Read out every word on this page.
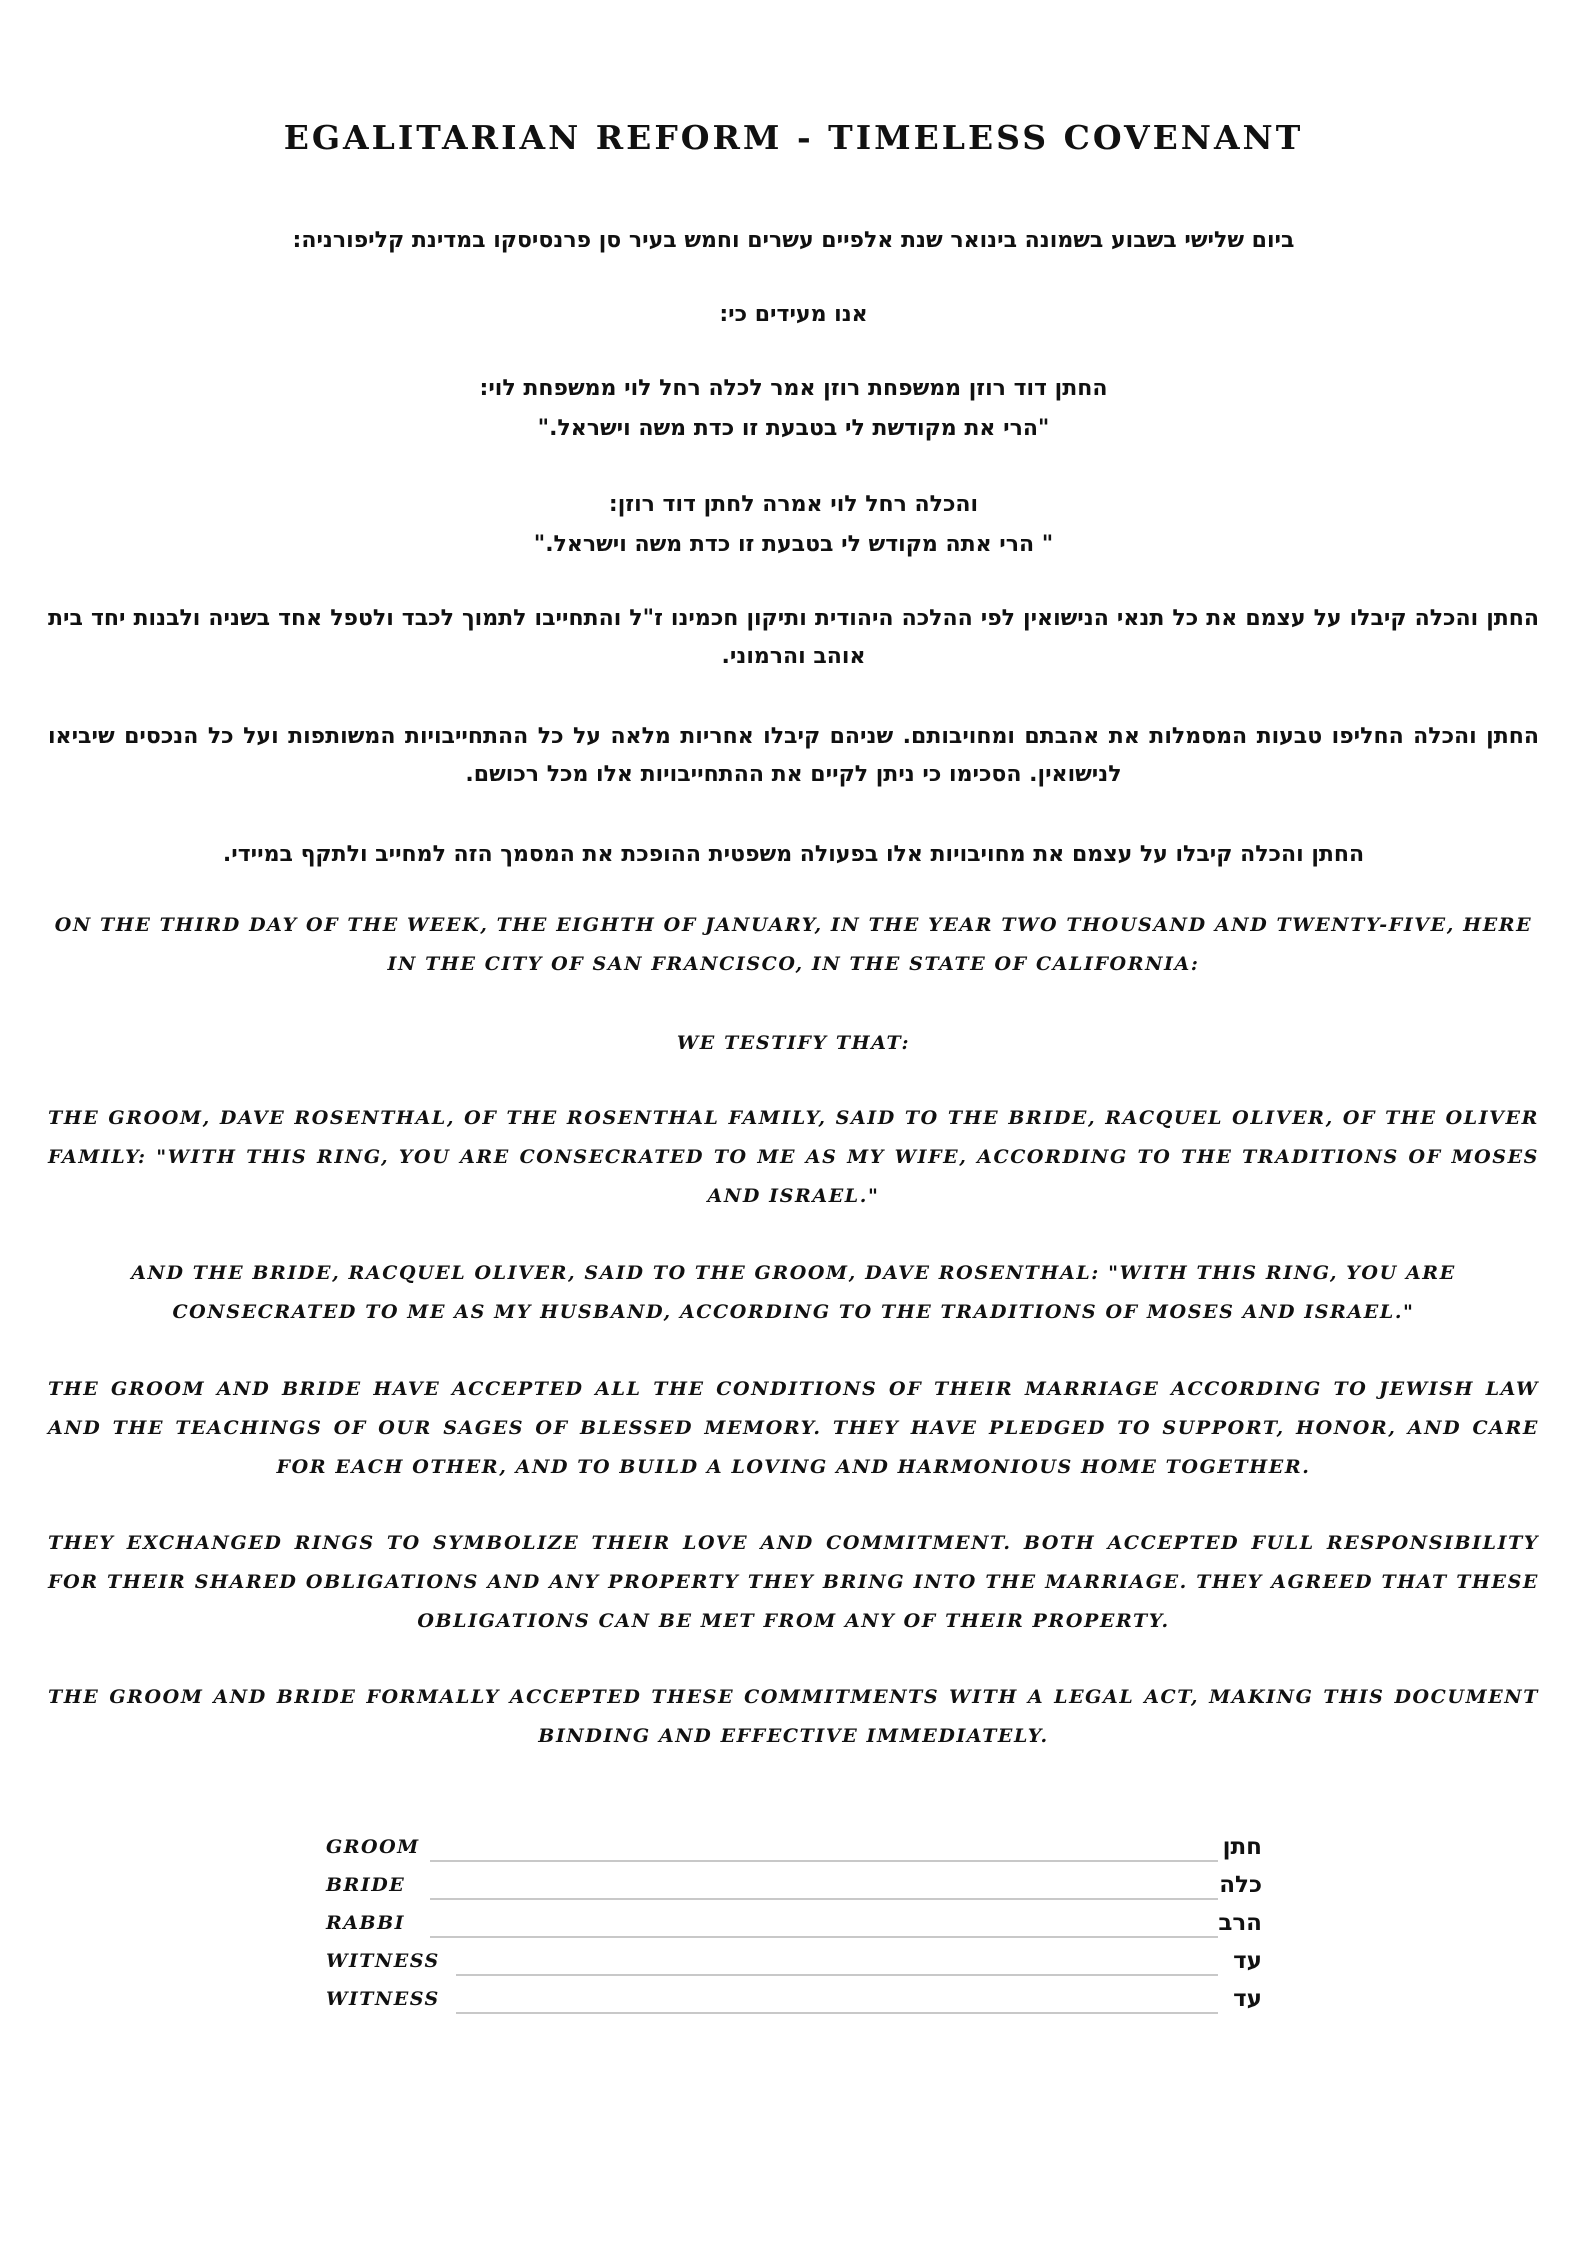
EGALITARIAN REFORM - TIMELESS COVENANT

ביום שלישי בשבוע בשמונה בינואר שנת אלפיים עשרים וחמש בעיר סן פרנסיסקו במדינת קליפורניה:

אנו מעידים כי:

החתן דוד רוזן ממשפחת רוזן אמר לכלה רחל לוי ממשפחת לוי:

"הרי את מקודשת לי בטבעת זו כדת משה וישראל."

והכלה רחל לוי אמרה לחתן דוד רוזן:

" הרי אתה מקודש לי בטבעת זו כדת משה וישראל."

החתן והכלה קיבלו על עצמם את כל תנאי הנישואין לפי ההלכה היהודית ותיקון חכמינו ז"ל והתחייבו לתמוך לכבד ולטפל אחד בשניה ולבנות יחד בית אוהב והרמוני.

החתן והכלה החליפו טבעות המסמלות את אהבתם ומחויבותם. שניהם קיבלו אחריות מלאה על כל ההתחייבויות המשותפות ועל כל הנכסים שיביאו לנישואין. הסכימו כי ניתן לקיים את ההתחייבויות אלו מכל רכושם.

החתן והכלה קיבלו על עצמם את מחויבויות אלו בפעולה משפטית ההופכת את המסמך הזה למחייב ולתקף במיידי.

ON THE THIRD DAY OF THE WEEK, THE EIGHTH OF JANUARY, IN THE YEAR TWO THOUSAND AND TWENTY-FIVE, HERE IN THE CITY OF SAN FRANCISCO, IN THE STATE OF CALIFORNIA:

WE TESTIFY THAT:

THE GROOM, DAVE ROSENTHAL, OF THE ROSENTHAL FAMILY, SAID TO THE BRIDE, RACQUEL OLIVER, OF THE OLIVER FAMILY: "WITH THIS RING, YOU ARE CONSECRATED TO ME AS MY WIFE, ACCORDING TO THE TRADITIONS OF MOSES AND ISRAEL."

AND THE BRIDE, RACQUEL OLIVER, SAID TO THE GROOM, DAVE ROSENTHAL: "WITH THIS RING, YOU ARE CONSECRATED TO ME AS MY HUSBAND, ACCORDING TO THE TRADITIONS OF MOSES AND ISRAEL."

THE GROOM AND BRIDE HAVE ACCEPTED ALL THE CONDITIONS OF THEIR MARRIAGE ACCORDING TO JEWISH LAW AND THE TEACHINGS OF OUR SAGES OF BLESSED MEMORY. THEY HAVE PLEDGED TO SUPPORT, HONOR, AND CARE FOR EACH OTHER, AND TO BUILD A LOVING AND HARMONIOUS HOME TOGETHER.

THEY EXCHANGED RINGS TO SYMBOLIZE THEIR LOVE AND COMMITMENT. BOTH ACCEPTED FULL RESPONSIBILITY FOR THEIR SHARED OBLIGATIONS AND ANY PROPERTY THEY BRING INTO THE MARRIAGE. THEY AGREED THAT THESE OBLIGATIONS CAN BE MET FROM ANY OF THEIR PROPERTY.

THE GROOM AND BRIDE FORMALLY ACCEPTED THESE COMMITMENTS WITH A LEGAL ACT, MAKING THIS DOCUMENT BINDING AND EFFECTIVE IMMEDIATELY.

GROOM	חתן
BRIDE	כלה
RABBI	הרב
WITNESS	עד
WITNESS	עד
